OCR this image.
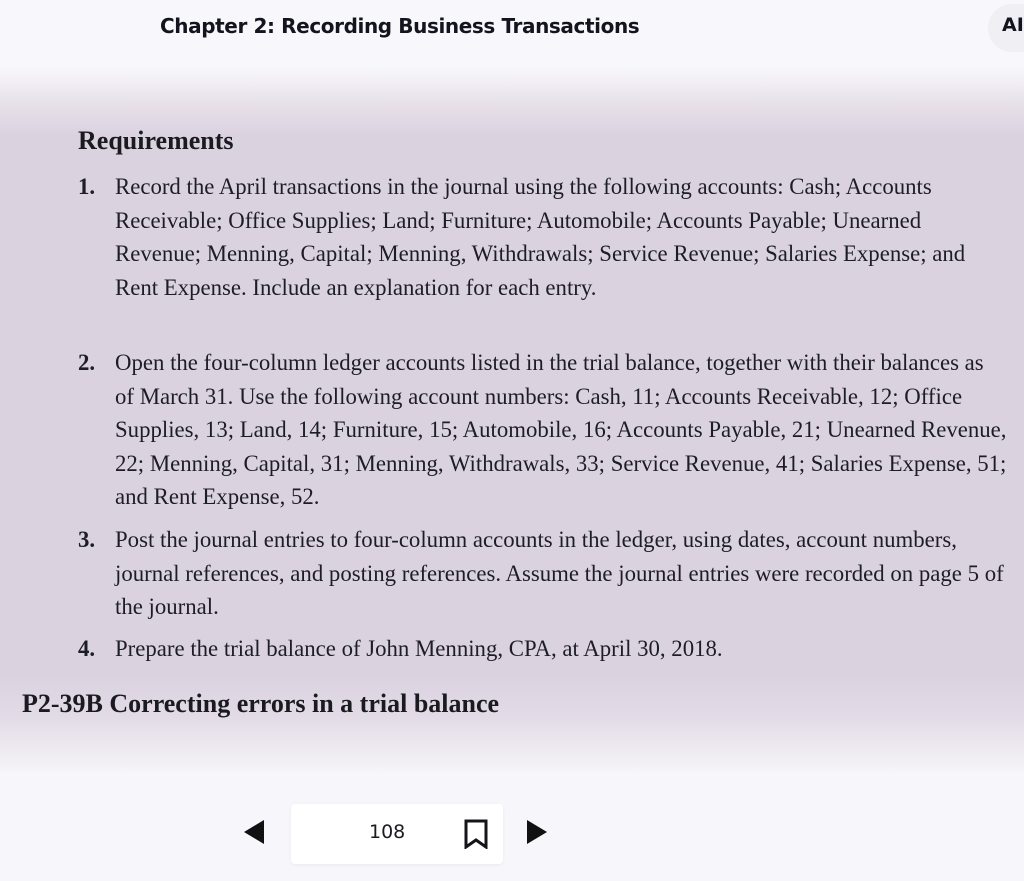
Chapter 2: Recording Business Transactions	AI
Requirements
1. Record the April transactions in the journal using the following accounts: Cash; Accounts Receivable; Office Supplies; Land; Furniture; Automobile; Accounts Payable; Unearned Revenue; Menning, Capital; Menning, Withdrawals; Service Revenue; Salaries Expense; and Rent Expense. Include an explanation for each entry.
2. Open the four-column ledger accounts listed in the trial balance, together with their balances as of March 31. Use the following account numbers: Cash, 11; Accounts Receivable, 12; Office Supplies, 13; Land, 14; Furniture, 15; Automobile, 16; Accounts Payable, 21; Unearned Revenue, 22; Menning, Capital, 31; Menning, Withdrawals, 33; Service Revenue, 41; Salaries Expense, 51; and Rent Expense, 52.
3. Post the journal entries to four-column accounts in the ledger, using dates, account numbers, journal references, and posting references. Assume the journal entries were recorded on page 5 of the journal.
4. Prepare the trial balance of John Menning, CPA, at April 30, 2018.
P2-39B Correcting errors in a trial balance
108
